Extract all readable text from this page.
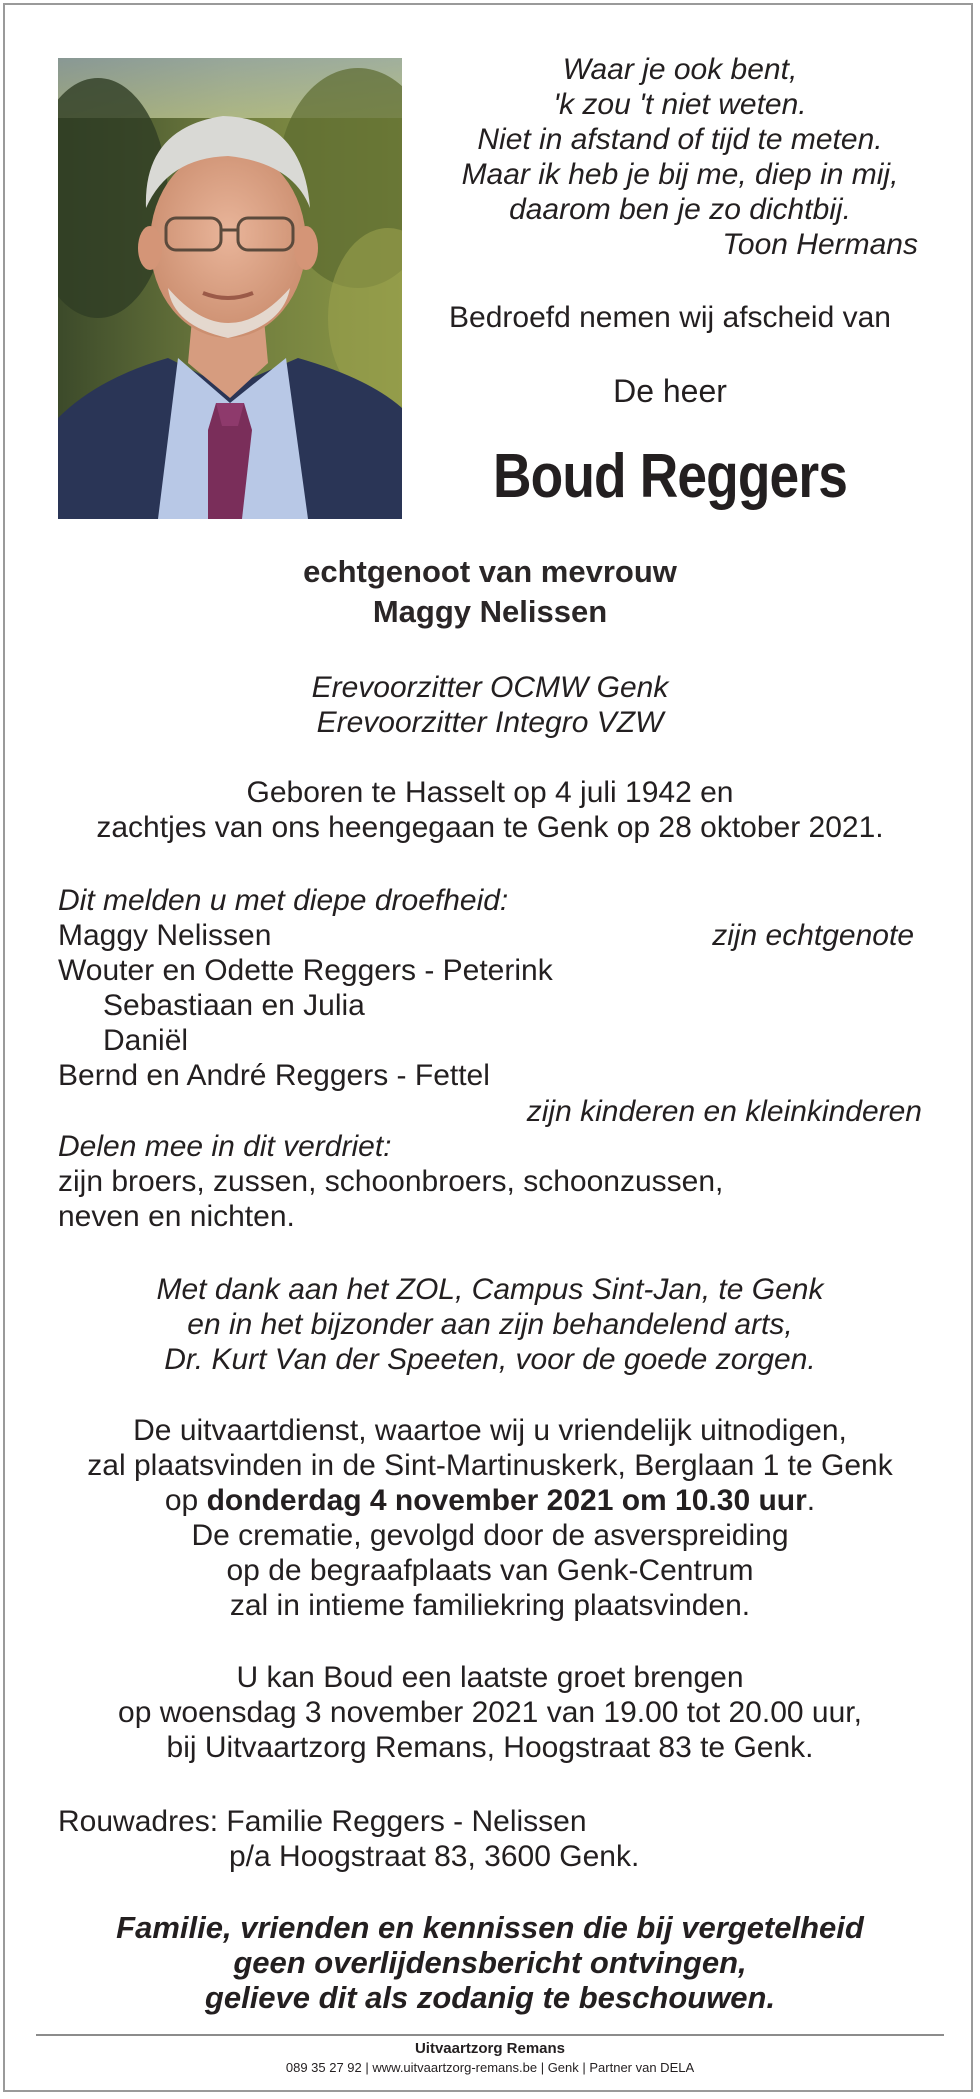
Waar je ook bent,
'k zou 't niet weten.
Niet in afstand of tijd te meten.
Maar ik heb je bij me, diep in mij,
daarom ben je zo dichtbij.
Toon Hermans
Bedroefd nemen wij afscheid van
De heer
Boud Reggers
echtgenoot van mevrouw
Maggy Nelissen
Erevoorzitter OCMW Genk
Erevoorzitter Integro VZW
Geboren te Hasselt op 4 juli 1942 en
zachtjes van ons heengegaan te Genk op 28 oktober 2021.
Dit melden u met diepe droefheid:
Maggy Nelissen	zijn echtgenote
Wouter en Odette Reggers - Peterink
Sebastiaan en Julia
Daniël
Bernd en André Reggers - Fettel
zijn kinderen en kleinkinderen
Delen mee in dit verdriet:
zijn broers, zussen, schoonbroers, schoonzussen,
neven en nichten.
Met dank aan het ZOL, Campus Sint-Jan, te Genk
en in het bijzonder aan zijn behandelend arts,
Dr. Kurt Van der Speeten, voor de goede zorgen.
De uitvaartdienst, waartoe wij u vriendelijk uitnodigen,
zal plaatsvinden in de Sint-Martinuskerk, Berglaan 1 te Genk
op donderdag 4 november 2021 om 10.30 uur.
De crematie, gevolgd door de asverspreiding
op de begraafplaats van Genk-Centrum
zal in intieme familiekring plaatsvinden.
U kan Boud een laatste groet brengen
op woensdag 3 november 2021 van 19.00 tot 20.00 uur,
bij Uitvaartzorg Remans, Hoogstraat 83 te Genk.
Rouwadres: Familie Reggers - Nelissen
p/a Hoogstraat 83, 3600 Genk.
Familie, vrienden en kennissen die bij vergetelheid
geen overlijdensbericht ontvingen,
gelieve dit als zodanig te beschouwen.
Uitvaartzorg Remans
089 35 27 92 | www.uitvaartzorg-remans.be | Genk | Partner van DELA
